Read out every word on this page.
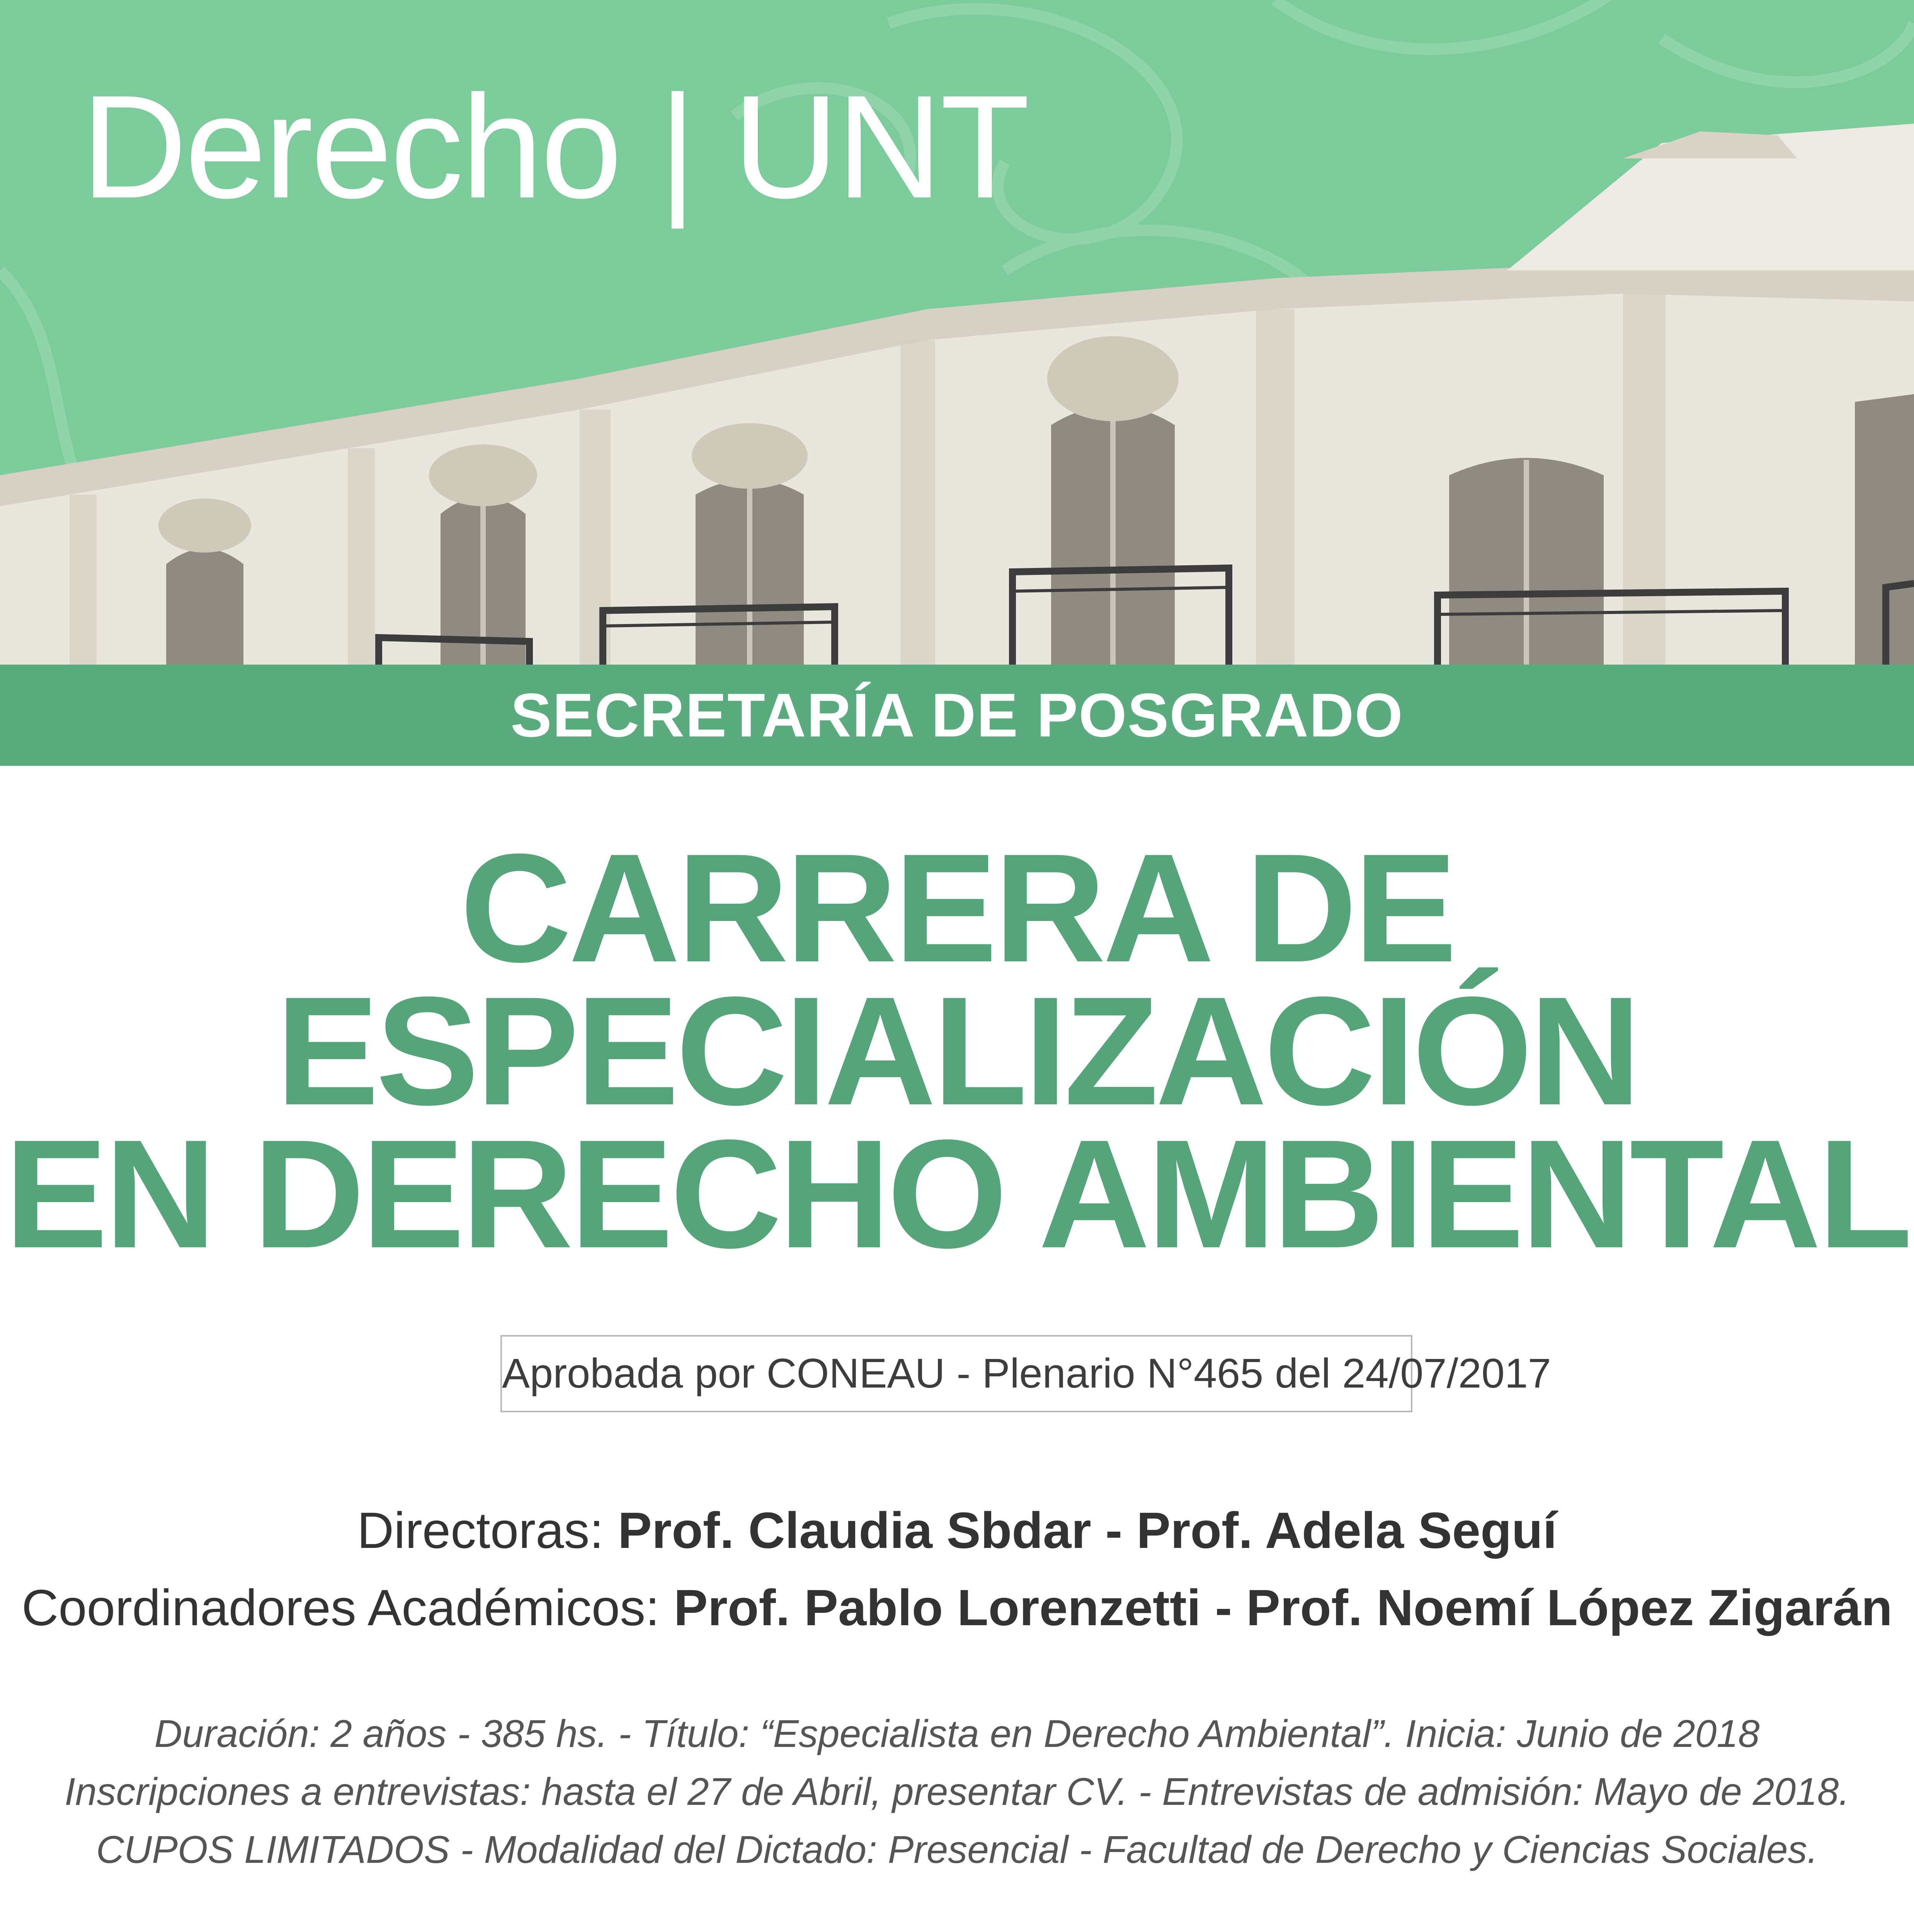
Derecho | UNT
SECRETARÍA DE POSGRADO
CARRERA DE
ESPECIALIZACIÓN
EN DERECHO AMBIENTAL
Aprobada por CONEAU - Plenario N°465 del 24/07/2017
Directoras: Prof. Claudia Sbdar - Prof. Adela Seguí
Coordinadores Académicos: Prof. Pablo Lorenzetti - Prof. Noemí López Zigarán
Duración: 2 años - 385 hs. - Título: “Especialista en Derecho Ambiental”. Inicia: Junio de 2018
Inscripciones a entrevistas: hasta el 27 de Abril, presentar CV. - Entrevistas de admisión: Mayo de 2018.
CUPOS LIMITADOS - Modalidad del Dictado: Presencial - Facultad de Derecho y Ciencias Sociales.
